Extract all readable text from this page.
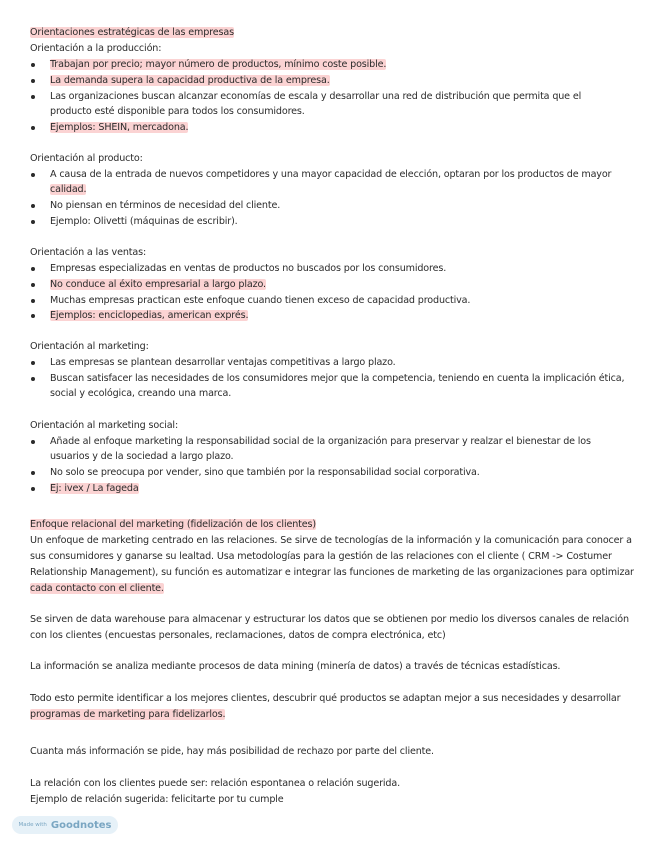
Orientaciones estratégicas de las empresas
Orientación a la producción:
Trabajan por precio; mayor número de productos, mínimo coste posible.
La demanda supera la capacidad productiva de la empresa.
Las organizaciones buscan alcanzar economías de escala y desarrollar una red de distribución que permita que el
producto esté disponible para todos los consumidores.
Ejemplos: SHEIN, mercadona.
Orientación al producto:
A causa de la entrada de nuevos competidores y una mayor capacidad de elección, optaran por los productos de mayor
calidad.
No piensan en términos de necesidad del cliente.
Ejemplo: Olivetti (máquinas de escribir).
Orientación a las ventas:
Empresas especializadas en ventas de productos no buscados por los consumidores.
No conduce al éxito empresarial a largo plazo.
Muchas empresas practican este enfoque cuando tienen exceso de capacidad productiva.
Ejemplos: enciclopedias, american exprés.
Orientación al marketing:
Las empresas se plantean desarrollar ventajas competitivas a largo plazo.
Buscan satisfacer las necesidades de los consumidores mejor que la competencia, teniendo en cuenta la implicación ética,
social y ecológica, creando una marca.
Orientación al marketing social:
Añade al enfoque marketing la responsabilidad social de la organización para preservar y realzar el bienestar de los
usuarios y de la sociedad a largo plazo.
No solo se preocupa por vender, sino que también por la responsabilidad social corporativa.
Ej: ivex / La fageda
Enfoque relacional del marketing (fidelización de los clientes)
Un enfoque de marketing centrado en las relaciones. Se sirve de tecnologías de la información y la comunicación para conocer a
sus consumidores y ganarse su lealtad. Usa metodologías para la gestión de las relaciones con el cliente ( CRM -> Costumer
Relationship Management), su función es automatizar e integrar las funciones de marketing de las organizaciones para optimizar
cada contacto con el cliente.
Se sirven de data warehouse para almacenar y estructurar los datos que se obtienen por medio los diversos canales de relación
con los clientes (encuestas personales, reclamaciones, datos de compra electrónica, etc)
La información se analiza mediante procesos de data mining (minería de datos) a través de técnicas estadísticas.
Todo esto permite identificar a los mejores clientes, descubrir qué productos se adaptan mejor a sus necesidades y desarrollar
programas de marketing para fidelizarlos.
Cuanta más información se pide, hay más posibilidad de rechazo por parte del cliente.
La relación con los clientes puede ser: relación espontanea o relación sugerida.
Ejemplo de relación sugerida: felicitarte por tu cumple
Made with Goodnotes
